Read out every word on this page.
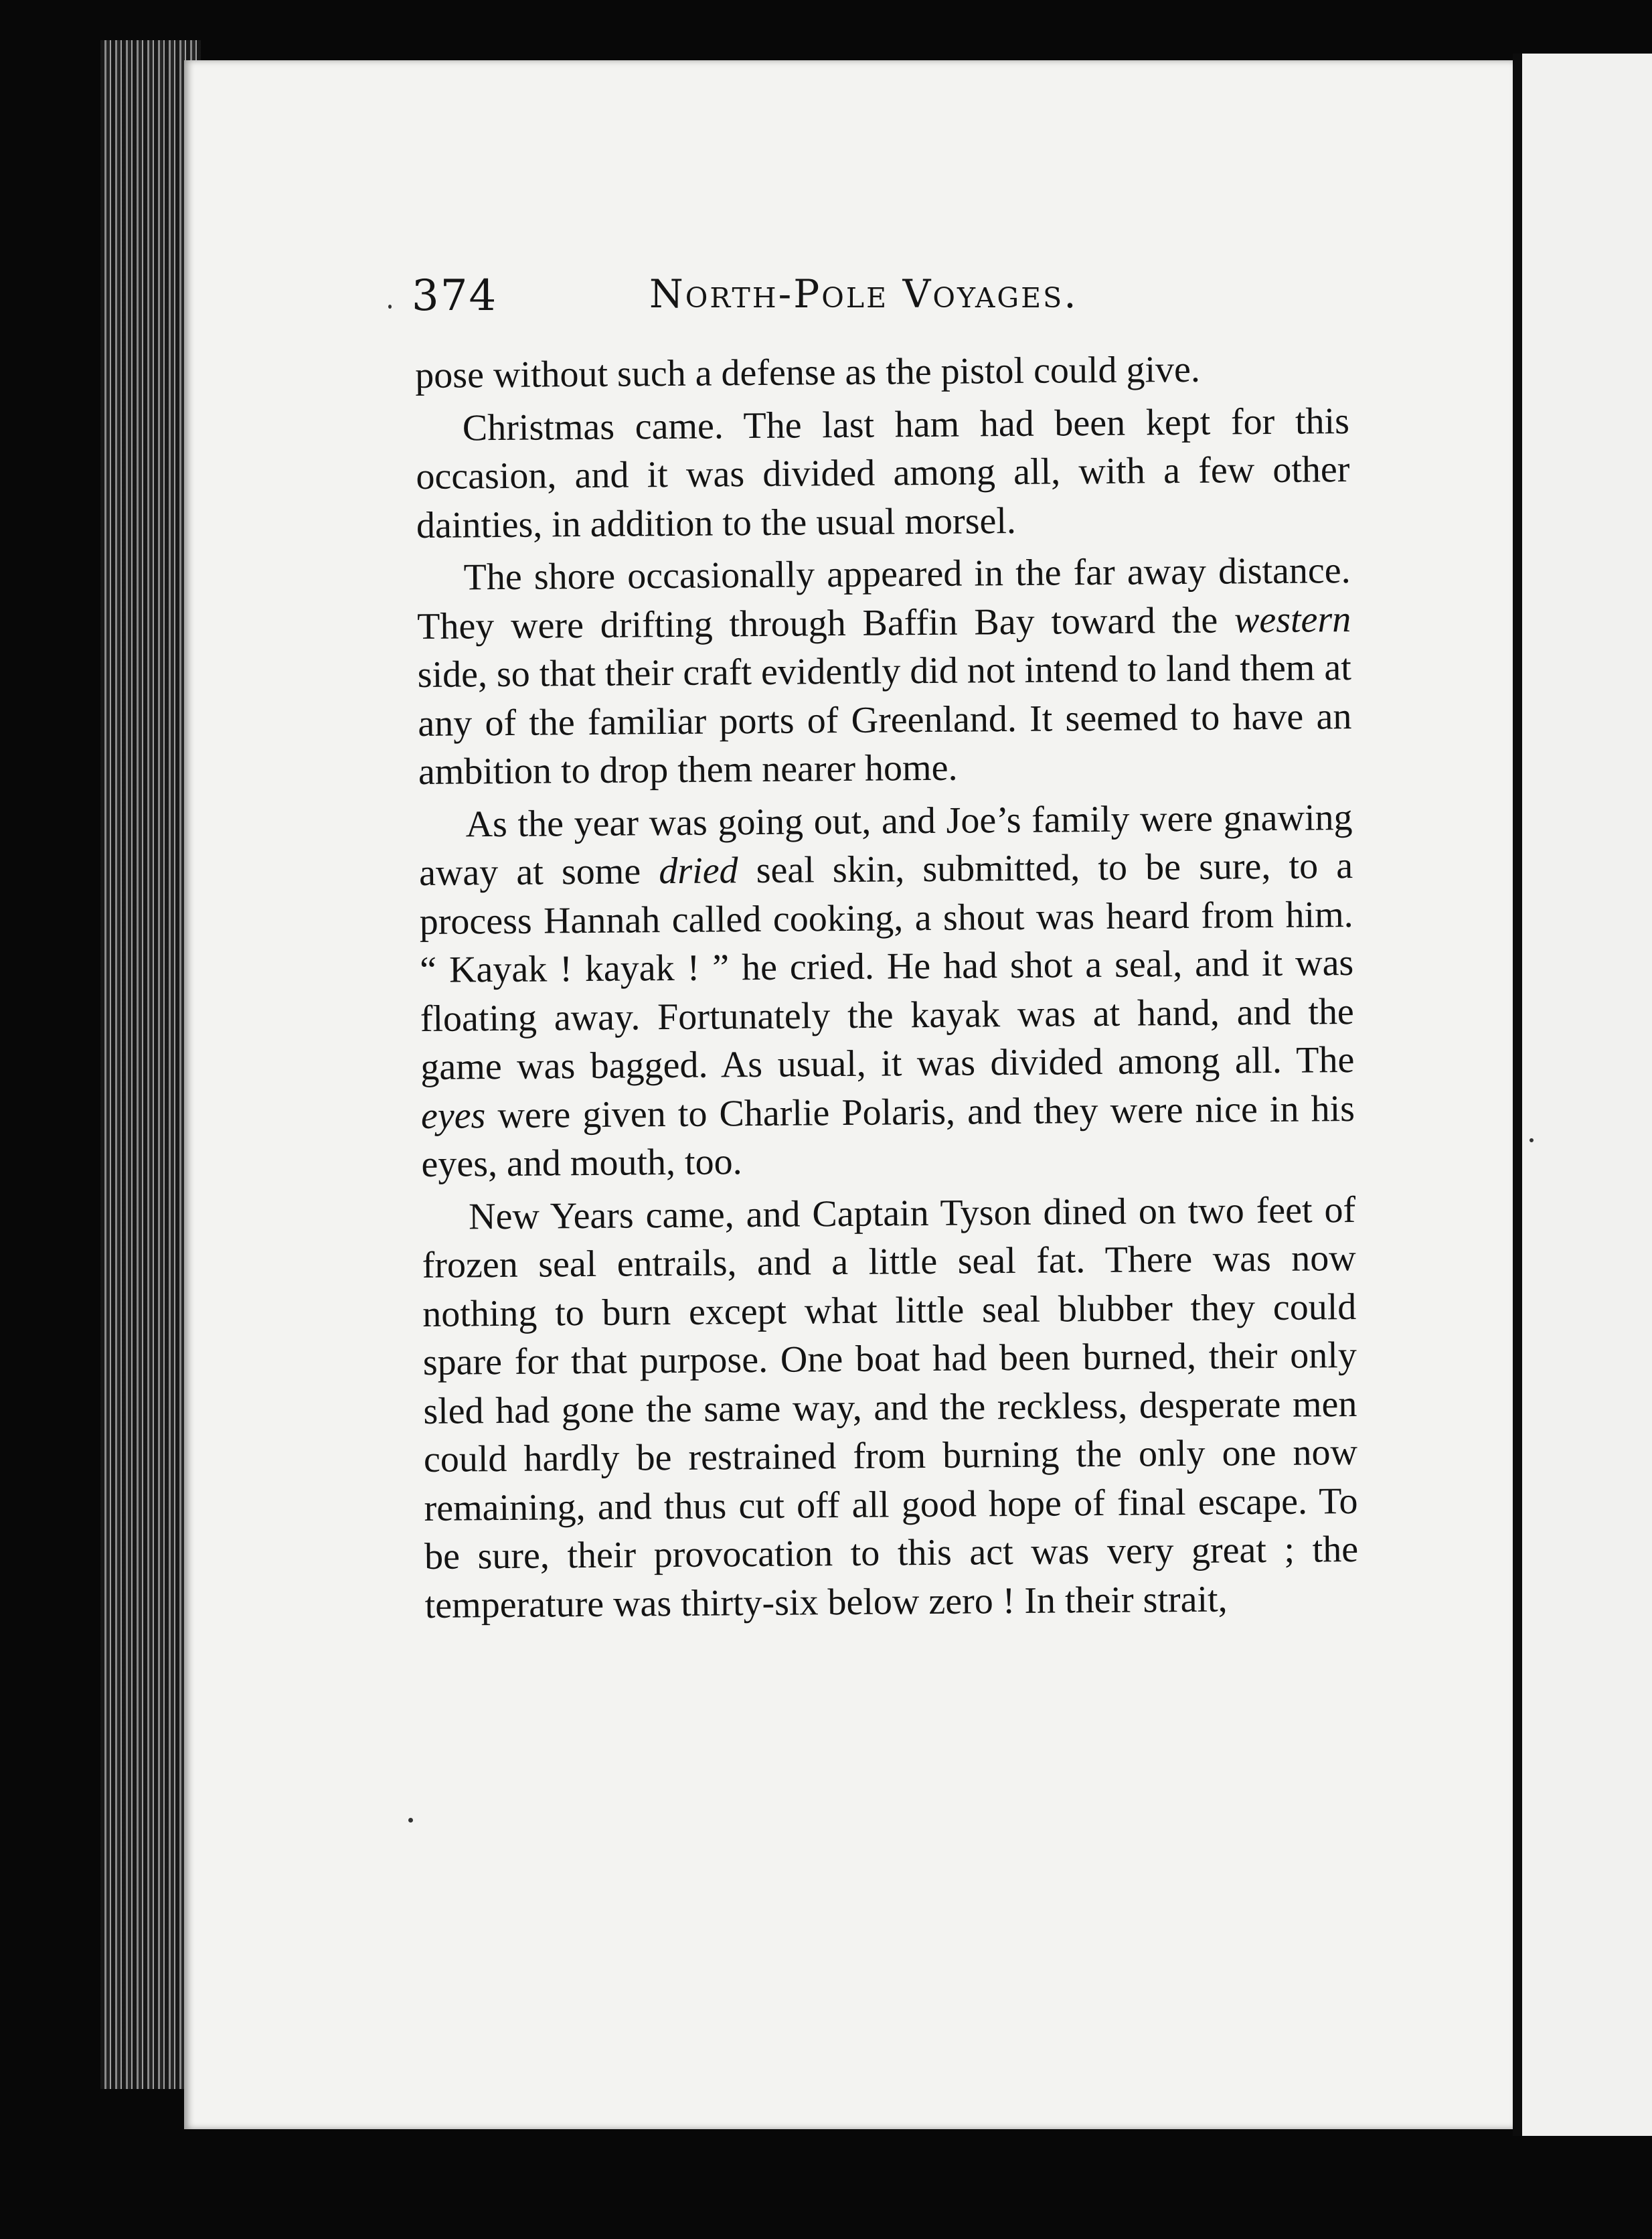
374	North-Pole Voyages.

pose without such a defense as the pistol could give.

Christmas came. The last ham had been kept for this occasion, and it was divided among all, with a few other dainties, in addition to the usual morsel.

The shore occasionally appeared in the far away distance. They were drifting through Baffin Bay toward the western side, so that their craft evidently did not intend to land them at any of the familiar ports of Greenland. It seemed to have an ambition to drop them nearer home.

As the year was going out, and Joe’s family were gnawing away at some dried seal skin, submitted, to be sure, to a process Hannah called cooking, a shout was heard from him. “ Kayak ! kayak ! ” he cried. He had shot a seal, and it was floating away. Fortunately the kayak was at hand, and the game was bagged. As usual, it was divided among all. The eyes were given to Charlie Polaris, and they were nice in his eyes, and mouth, too.

New Years came, and Captain Tyson dined on two feet of frozen seal entrails, and a little seal fat. There was now nothing to burn except what little seal blubber they could spare for that purpose. One boat had been burned, their only sled had gone the same way, and the reckless, desperate men could hardly be restrained from burning the only one now remaining, and thus cut off all good hope of final escape. To be sure, their provocation to this act was very great ; the temperature was thirty-six below zero ! In their strait,
